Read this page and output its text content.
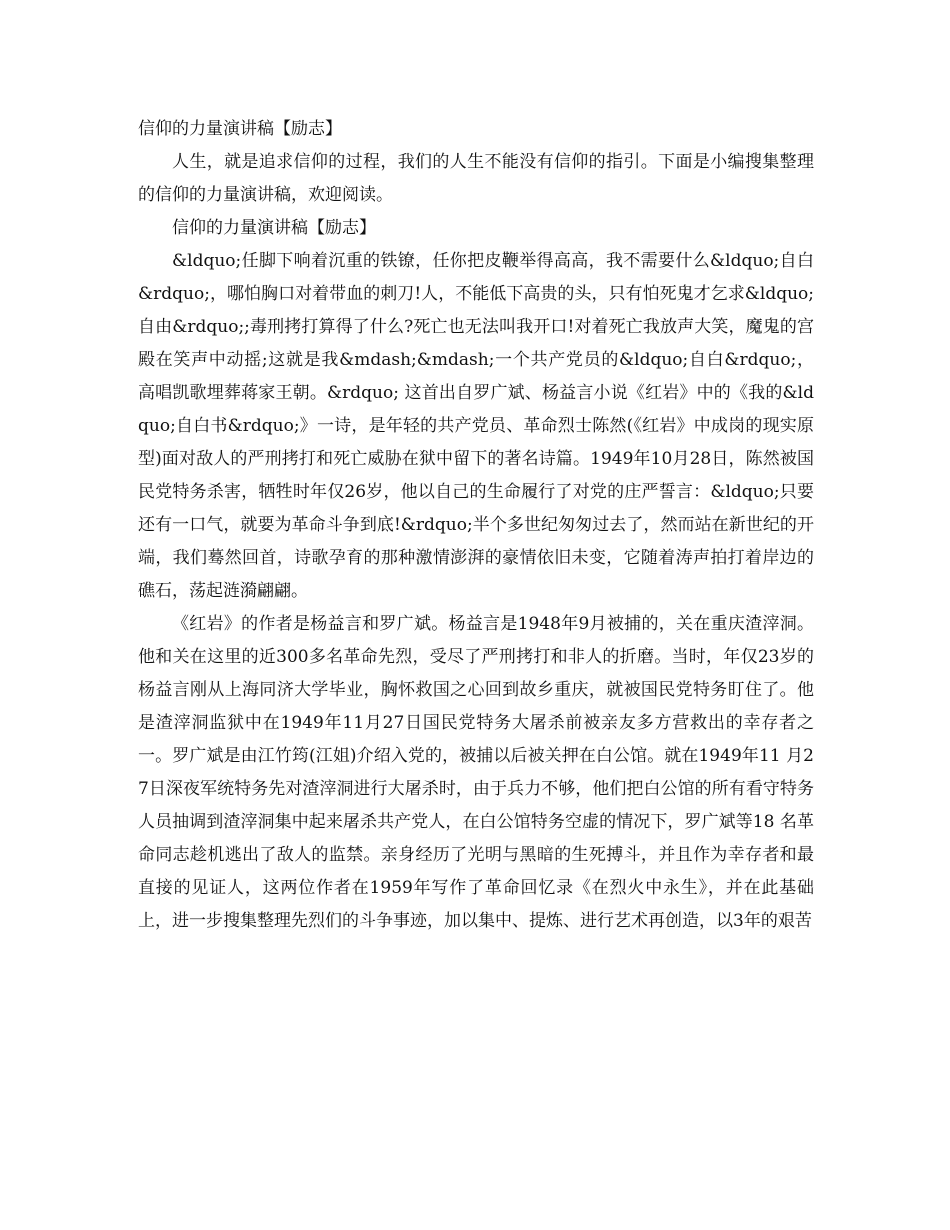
信仰的力量演讲稿【励志】

人生，就是追求信仰的过程，我们的人生不能没有信仰的指引。下面是小编搜集整理的信仰的力量演讲稿，欢迎阅读。

信仰的力量演讲稿【励志】

&ldquo;任脚下响着沉重的铁镣，任你把皮鞭举得高高，我不需要什么&ldquo;自白&rdquo;，哪怕胸口对着带血的刺刀!人，不能低下高贵的头，只有怕死鬼才乞求&ldquo;自由&rdquo;;毒刑拷打算得了什么?死亡也无法叫我开口!对着死亡我放声大笑，魔鬼的宫殿在笑声中动摇;这就是我&mdash;&mdash;一个共产党员的&ldquo;自白&rdquo;，高唱凯歌埋葬蒋家王朝。&rdquo; 这首出自罗广斌、杨益言小说《红岩》中的《我的&ldquo;自白书&rdquo;》一诗，是年轻的共产党员、革命烈士陈然(《红岩》中成岗的现实原型)面对敌人的严刑拷打和死亡威胁在狱中留下的著名诗篇。1949年10月28日，陈然被国民党特务杀害，牺牲时年仅26岁，他以自己的生命履行了对党的庄严誓言：&ldquo;只要还有一口气，就要为革命斗争到底!&rdquo;半个多世纪匆匆过去了，然而站在新世纪的开端，我们蓦然回首，诗歌孕育的那种激情澎湃的豪情依旧未变，它随着涛声拍打着岸边的礁石，荡起涟漪翩翩。

《红岩》的作者是杨益言和罗广斌。杨益言是1948年9月被捕的，关在重庆渣滓洞。他和关在这里的近300多名革命先烈，受尽了严刑拷打和非人的折磨。当时，年仅23岁的杨益言刚从上海同济大学毕业，胸怀救国之心回到故乡重庆，就被国民党特务盯住了。他是渣滓洞监狱中在1949年11月27日国民党特务大屠杀前被亲友多方营救出的幸存者之一。罗广斌是由江竹筠(江姐)介绍入党的，被捕以后被关押在白公馆。就在1949年11 月27日深夜军统特务先对渣滓洞进行大屠杀时，由于兵力不够，他们把白公馆的所有看守特务人员抽调到渣滓洞集中起来屠杀共产党人，在白公馆特务空虚的情况下，罗广斌等18 名革命同志趁机逃出了敌人的监禁。亲身经历了光明与黑暗的生死搏斗，并且作为幸存者和最直接的见证人，这两位作者在1959年写作了革命回忆录《在烈火中永生》，并在此基础上，进一步搜集整理先烈们的斗争事迹，加以集中、提炼、进行艺术再创造，以3年的艰苦
